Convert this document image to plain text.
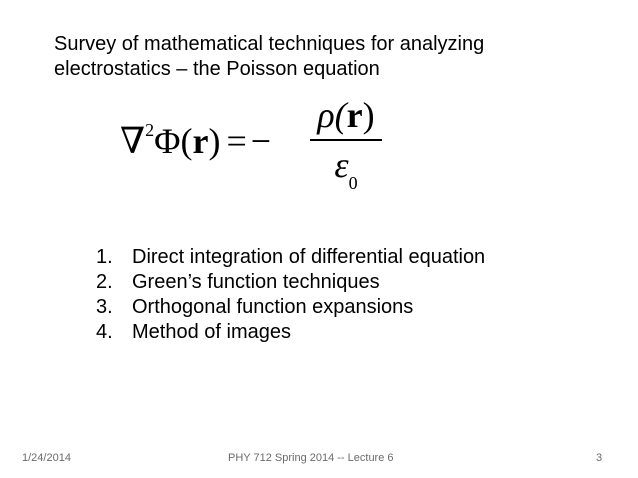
Survey of mathematical techniques for analyzing electrostatics – the Poisson equation
∇$^2$Φ(r) = −
ρ(r)
$\varepsilon_0$
1. Direct integration of differential equation
2. Green’s function techniques
3. Orthogonal function expansions
4. Method of images
1/24/2014	PHY 712 Spring 2014 -- Lecture 6	3
